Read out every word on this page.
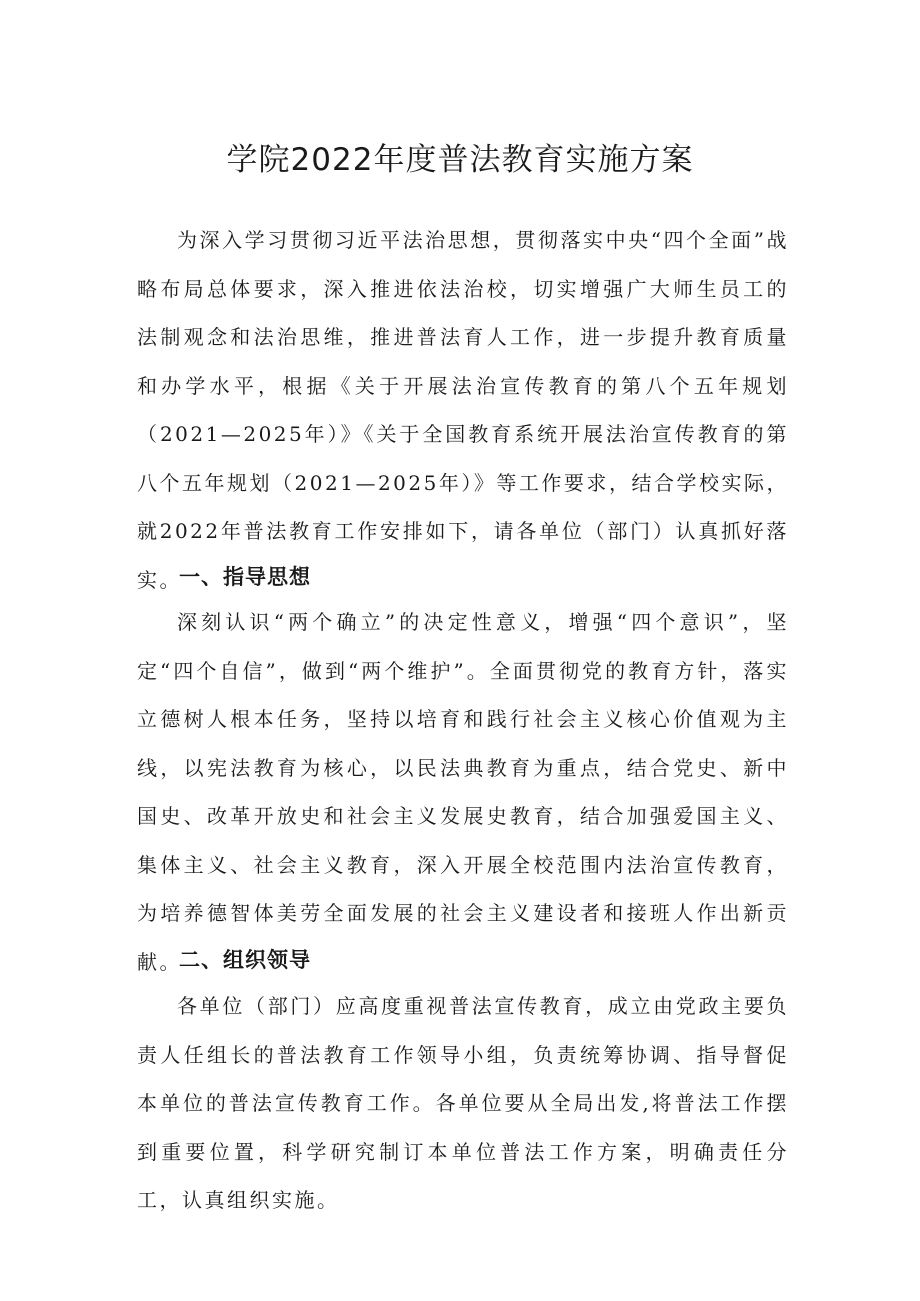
学院2022年度普法教育实施方案

为深入学习贯彻习近平法治思想，贯彻落实中央“四个全面”战略布局总体要求，深入推进依法治校，切实增强广大师生员工的法制观念和法治思维，推进普法育人工作，进一步提升教育质量和办学水平，根据《关于开展法治宣传教育的第八个五年规划（2021—2025年）》《关于全国教育系统开展法治宣传教育的第八个五年规划（2021—2025年）》等工作要求，结合学校实际，就2022年普法教育工作安排如下，请各单位（部门）认真抓好落实。

一、指导思想

深刻认识“两个确立”的决定性意义，增强“四个意识”，坚定“四个自信”，做到“两个维护”。全面贯彻党的教育方针，落实立德树人根本任务，坚持以培育和践行社会主义核心价值观为主线，以宪法教育为核心，以民法典教育为重点，结合党史、新中国史、改革开放史和社会主义发展史教育，结合加强爱国主义、集体主义、社会主义教育，深入开展全校范围内法治宣传教育，为培养德智体美劳全面发展的社会主义建设者和接班人作出新贡献。

二、组织领导

各单位（部门）应高度重视普法宣传教育，成立由党政主要负责人任组长的普法教育工作领导小组，负责统筹协调、指导督促本单位的普法宣传教育工作。各单位要从全局出发,将普法工作摆到重要位置，科学研究制订本单位普法工作方案，明确责任分工，认真组织实施。
